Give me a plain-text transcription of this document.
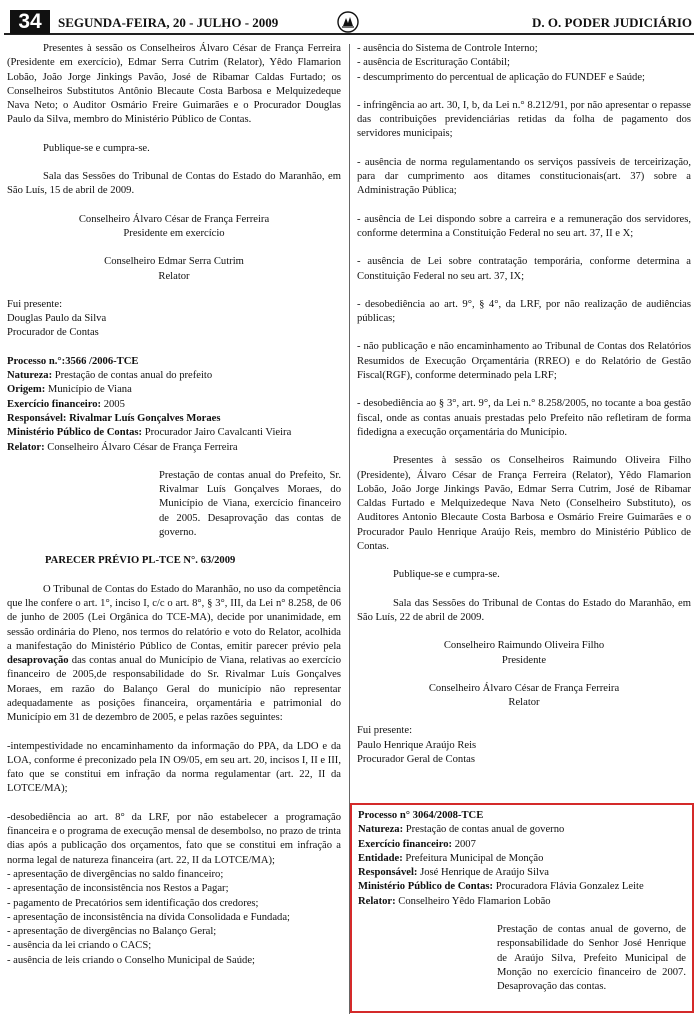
34	SEGUNDA-FEIRA, 20 - JULHO - 2009	D. O. PODER JUDICIÁRIO

Presentes à sessão os Conselheiros Álvaro César de França Ferreira (Presidente em exercício), Edmar Serra Cutrim (Relator), Yêdo Flamarion Lobão, João Jorge Jinkings Pavão, José de Ribamar Caldas Furtado; os Conselheiros Substitutos Antônio Blecaute Costa Barbosa e Melquizedeque Nava Neto; o Auditor Osmário Freire Guimarães e o Procurador Douglas Paulo da Silva, membro do Ministério Público de Contas.

Publique-se e cumpra-se.

Sala das Sessões do Tribunal de Contas do Estado do Maranhão, em São Luís, 15 de abril de 2009.

Conselheiro Álvaro César de França Ferreira

Presidente em exercício

Conselheiro Edmar Serra Cutrim

Relator

Fui presente:

Douglas Paulo da Silva

Procurador de Contas

Processo n.°:3566 /2006-TCE

Natureza: Prestação de contas anual do prefeito

Origem: Município de Viana

Exercício financeiro: 2005

Responsável: Rivalmar Luís Gonçalves Moraes

Ministério Público de Contas: Procurador Jairo Cavalcanti Vieira

Relator: Conselheiro Álvaro César de França Ferreira

Prestação de contas anual do Prefeito, Sr. Rivalmar Luís Gonçalves Moraes, do Município de Viana, exercício financeiro de 2005. Desaprovação das contas de governo.

PARECER PRÉVIO PL-TCE N°. 63/2009

O Tribunal de Contas do Estado do Maranhão, no uso da competência que lhe confere o art. 1°, inciso I, c/c o art. 8°, § 3°, III, da Lei n° 8.258, de 06 de junho de 2005 (Lei Orgânica do TCE-MA), decide por unanimidade, em sessão ordinária do Pleno, nos termos do relatório e voto do Relator, acolhida a manifestação do Ministério Público de Contas, emitir parecer prévio pela desaprovação das contas anual do Município de Viana, relativas ao exercício financeiro de 2005,de responsabilidade do Sr. Rivalmar Luís Gonçalves Moraes, em razão do Balanço Geral do município não representar adequadamente as posições financeira, orçamentária e patrimonial do Município em 31 de dezembro de 2005, e pelas razões seguintes:

-intempestividade no encaminhamento da informação do PPA, da LDO e da LOA, conforme é preconizado pela IN O9/05, em seu art. 20, incisos I, II e III, fato que se constitui em infração da norma regulamentar (art. 22, II da LOTCE/MA);

-desobediência ao art. 8° da LRF, por não estabelecer a programação financeira e o programa de execução mensal de desembolso, no prazo de trinta dias após a publicação dos orçamentos, fato que se constitui em infração a norma legal de natureza financeira (art. 22, II da LOTCE/MA);

- apresentação de divergências no saldo financeiro;

- apresentação de inconsistência nos Restos a Pagar;

- pagamento de Precatórios sem identificação dos credores;

- apresentação de inconsistência na dívida Consolidada e Fundada;

- apresentação de divergências no Balanço Geral;

- ausência da lei criando o CACS;

- ausência de leis criando o Conselho Municipal de Saúde;

- ausência do Sistema de Controle Interno;

- ausência de Escrituração Contábil;

- descumprimento do percentual de aplicação do FUNDEF e Saúde;

- infringência ao art. 30, I, b, da Lei n.° 8.212/91, por não apresentar o repasse das contribuições previdenciárias retidas da folha de pagamento dos servidores municipais;

- ausência de norma regulamentando os serviços passíveis de terceirização, para dar cumprimento aos ditames constitucionais(art. 37) sobre a Administração Pública;

- ausência de Lei dispondo sobre a carreira e a remuneração dos servidores, conforme determina a Constituição Federal no seu art. 37, II e X;

- ausência de Lei sobre contratação temporária, conforme determina a Constituição Federal no seu art. 37, IX;

- desobediência ao art. 9°, § 4°, da LRF, por não realização de audiências públicas;

- não publicação e não encaminhamento ao Tribunal de Contas dos Relatórios Resumidos de Execução Orçamentária (RREO) e do Relatório de Gestão Fiscal(RGF), conforme determinado pela LRF;

- desobediência ao § 3°, art. 9°, da Lei n.° 8.258/2005, no tocante a boa gestão fiscal, onde as contas anuais prestadas pelo Prefeito não refletiram de forma fidedigna a execução orçamentária do Município.

Presentes à sessão os Conselheiros Raimundo Oliveira Filho (Presidente), Álvaro César de França Ferreira (Relator), Yêdo Flamarion Lobão, João Jorge Jinkings Pavão, Edmar Serra Cutrim, José de Ribamar Caldas Furtado e Melquizedeque Nava Neto (Conselheiro Substituto), os Auditores Antonio Blecaute Costa Barbosa e Osmário Freire Guimarães e o Procurador Paulo Henrique Araújo Reis, membro do Ministério Público de Contas.

Publique-se e cumpra-se.

Sala das Sessões do Tribunal de Contas do Estado do Maranhão, em São Luís, 22 de abril de 2009.

Conselheiro Raimundo Oliveira Filho

Presidente

Conselheiro Álvaro César de França Ferreira

Relator

Fui presente:

Paulo Henrique Araújo Reis

Procurador Geral de Contas

Processo n° 3064/2008-TCE

Natureza: Prestação de contas anual de governo

Exercício financeiro: 2007

Entidade: Prefeitura Municipal de Monção

Responsável: José Henrique de Araújo Silva

Ministério Público de Contas: Procuradora Flávia Gonzalez Leite

Relator: Conselheiro Yêdo Flamarion Lobão

Prestação de contas anual de governo, de responsabilidade do Senhor José Henrique de Araújo Silva, Prefeito Municipal de Monção no exercício financeiro de 2007. Desaprovação das contas.
